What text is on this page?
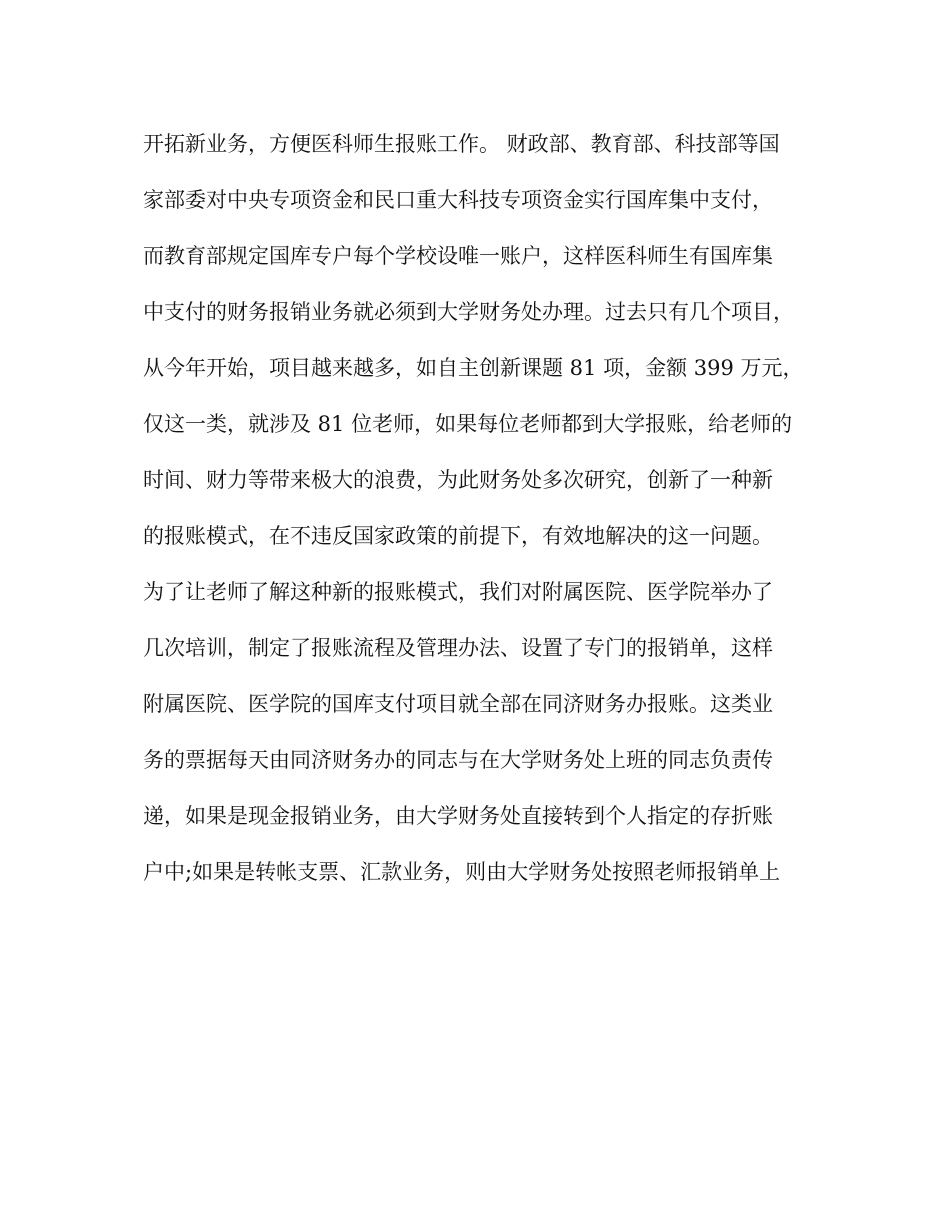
开拓新业务，方便医科师生报账工作。 财政部、教育部、科技部等国
家部委对中央专项资金和民口重大科技专项资金实行国库集中支付，
而教育部规定国库专户每个学校设唯一账户，这样医科师生有国库集
中支付的财务报销业务就必须到大学财务处办理。过去只有几个项目，
从今年开始，项目越来越多，如自主创新课题 81 项，金额 399 万元，
仅这一类，就涉及 81 位老师，如果每位老师都到大学报账，给老师的
时间、财力等带来极大的浪费，为此财务处多次研究，创新了一种新
的报账模式，在不违反国家政策的前提下，有效地解决的这一问题。
为了让老师了解这种新的报账模式，我们对附属医院、医学院举办了
几次培训，制定了报账流程及管理办法、设置了专门的报销单，这样
附属医院、医学院的国库支付项目就全部在同济财务办报账。这类业
务的票据每天由同济财务办的同志与在大学财务处上班的同志负责传
递，如果是现金报销业务，由大学财务处直接转到个人指定的存折账
户中;如果是转帐支票、汇款业务，则由大学财务处按照老师报销单上
